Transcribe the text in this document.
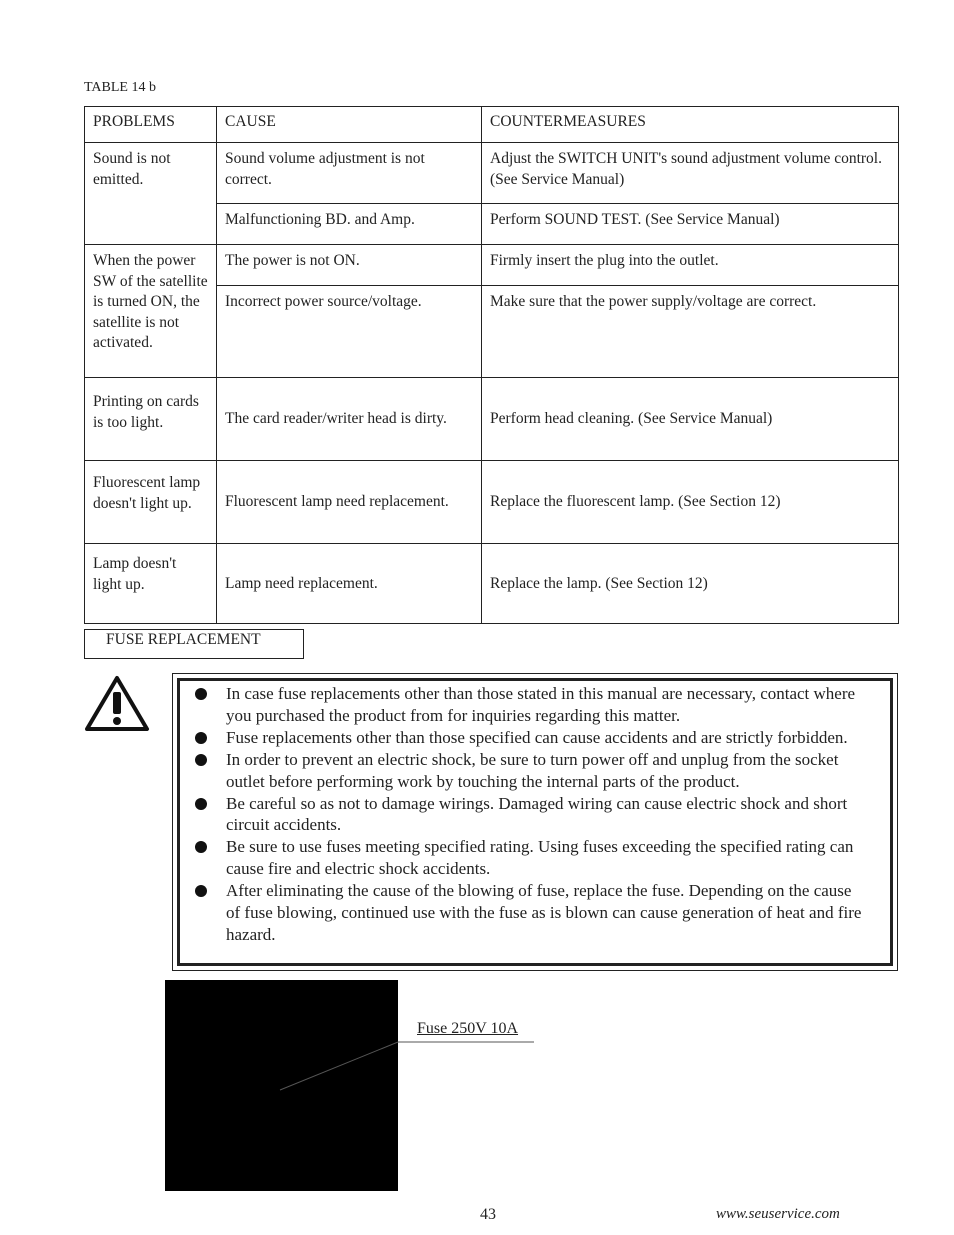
TABLE 14 b
PROBLEMS	CAUSE	COUNTERMEASURES
Sound is not emitted.	Sound volume adjustment is not correct.	Adjust the SWITCH UNIT's sound adjustment volume control. (See Service Manual)
	Malfunctioning BD. and Amp.	Perform SOUND TEST. (See Service Manual)
When the power SW of the satellite is turned ON, the satellite is not activated.	The power is not ON.	Firmly insert the plug into the outlet.
	Incorrect power source/voltage.	Make sure that the power supply/voltage are correct.
Printing on cards is too light.	The card reader/writer head is dirty.	Perform head cleaning. (See Service Manual)
Fluorescent lamp doesn't light up.	Fluorescent lamp need replacement.	Replace the fluorescent lamp. (See Section 12)
Lamp doesn't light up.	Lamp need replacement.	Replace the lamp. (See Section 12)
FUSE REPLACEMENT
In case fuse replacements other than those stated in this manual are necessary, contact where you purchased the product from for inquiries regarding this matter.
Fuse replacements other than those specified can cause accidents and are strictly forbidden.
In order to prevent an electric shock, be sure to turn power off and unplug from the socket outlet before performing work by touching the internal parts of the product.
Be careful so as not to damage wirings. Damaged wiring can cause electric shock and short circuit accidents.
Be sure to use fuses meeting specified rating. Using fuses exceeding the specified rating can cause fire and electric shock accidents.
After eliminating the cause of the blowing of fuse, replace the fuse. Depending on the cause of fuse blowing, continued use with the fuse as is blown can cause generation of heat and fire hazard.
Fuse 250V 10A
43	www.seuservice.com
